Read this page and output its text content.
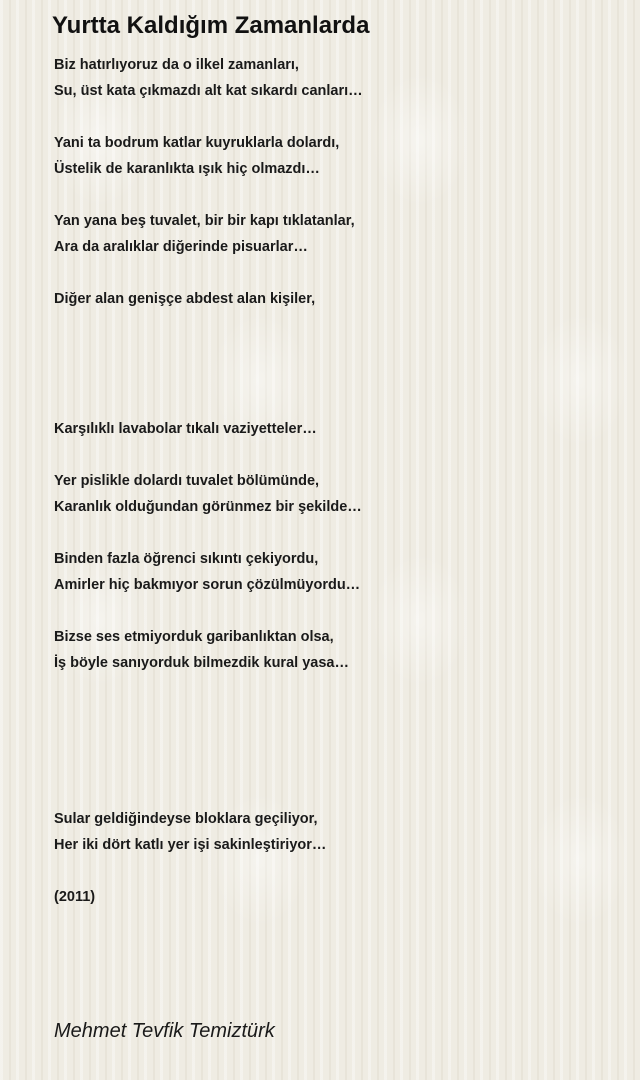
Yurtta Kaldığım Zamanlarda
Biz hatırlıyoruz da o ilkel zamanları,
Su, üst kata çıkmazdı alt kat sıkardı canları…
Yani ta bodrum katlar kuyruklarla dolardı,
Üstelik de karanlıkta ışık hiç olmazdı…
Yan yana beş tuvalet, bir bir kapı tıklatanlar,
Ara da aralıklar diğerinde pisuarlar…
Diğer alan genişçe abdest alan kişiler,
Karşılıklı lavabolar tıkalı vaziyetteler…
Yer pislikle dolardı tuvalet bölümünde,
Karanlık olduğundan görünmez bir şekilde…
Binden fazla öğrenci sıkıntı çekiyordu,
Amirler hiç bakmıyor sorun çözülmüyordu…
Bizse ses etmiyorduk garibanlıktan olsa,
İş böyle sanıyorduk bilmezdik kural yasa…
Sular geldiğindeyse bloklara geçiliyor,
Her iki dört katlı yer işi sakinleştiriyor…
(2011)

Mehmet Tevfik Temiztürk
